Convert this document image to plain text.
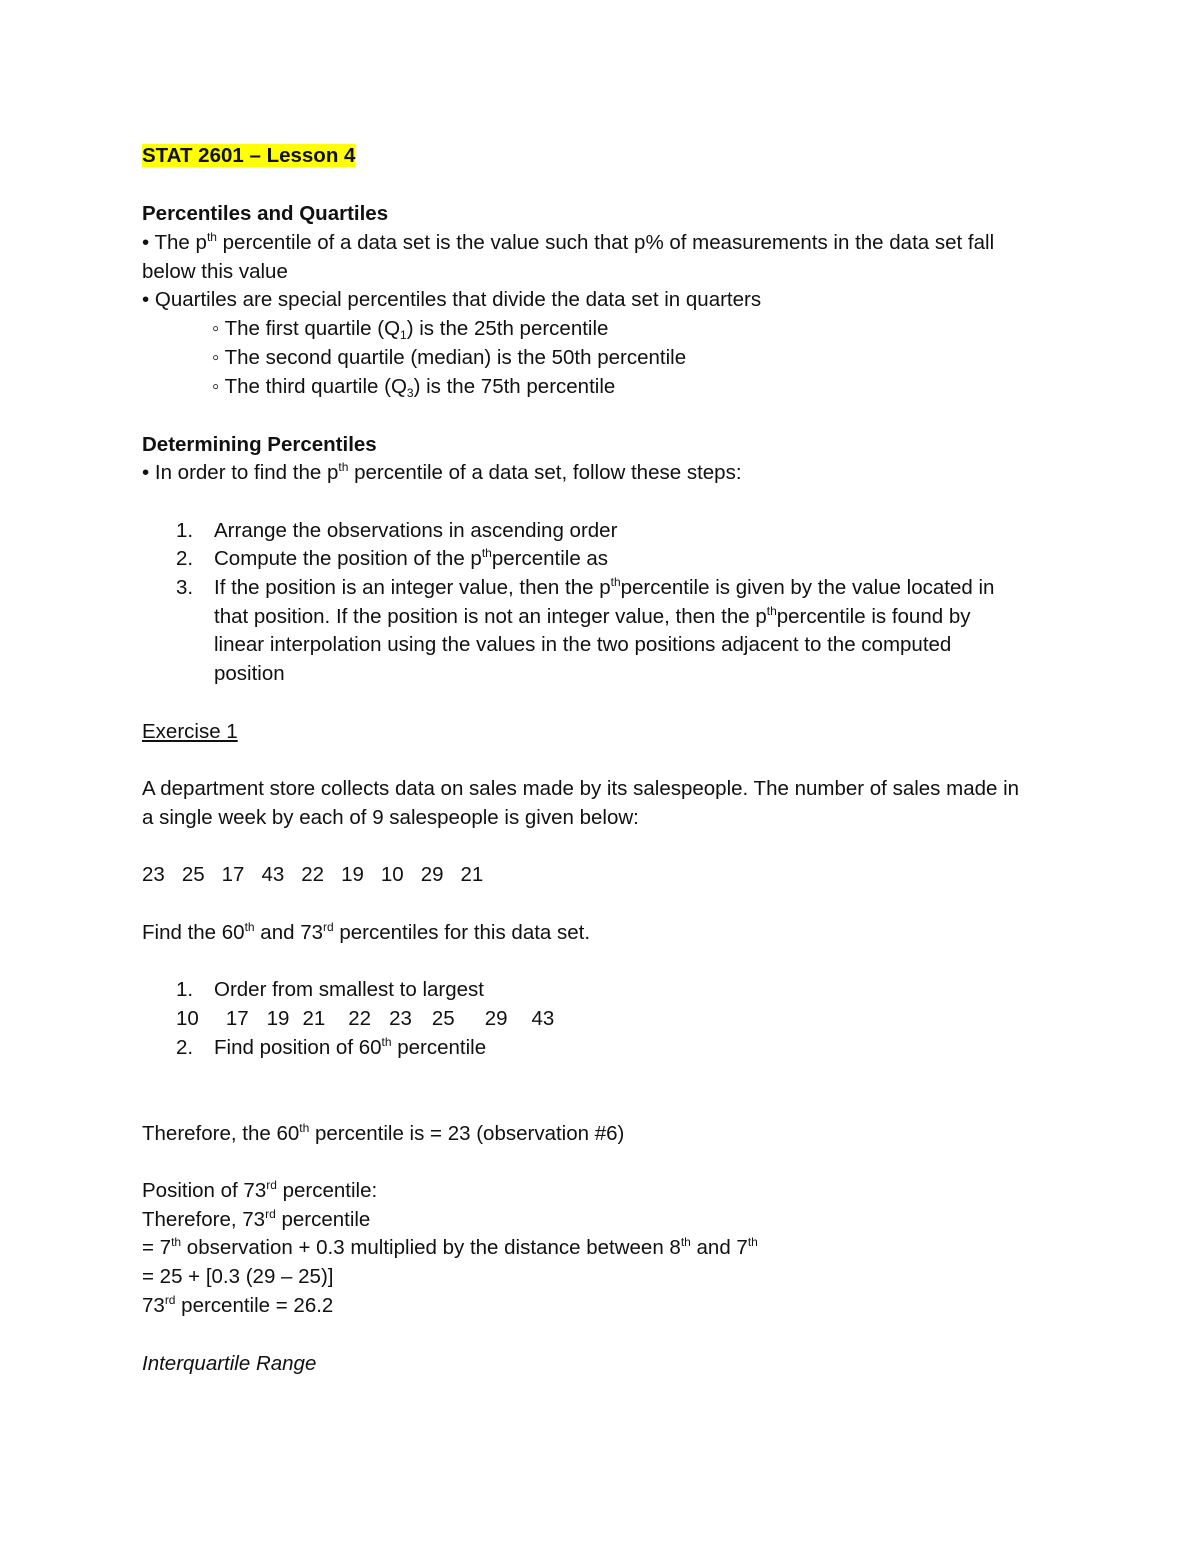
STAT 2601 – Lesson 4

Percentiles and Quartiles

• The $p^{th}$ percentile of a data set is the value such that p% of measurements in the data set fall

below this value

• Quartiles are special percentiles that divide the data set in quarters

◦ The first quartile $(Q_1)$ is the 25th percentile

◦ The second quartile (median) is the 50th percentile

◦ The third quartile $(Q_3)$ is the 75th percentile

Determining Percentiles

• In order to find the $p^{th}$ percentile of a data set, follow these steps:

1. Arrange the observations in ascending order

2. Compute the position of the $p^{th}percentile$ as

3. If the position is an integer value, then the $p^{th}percentile$ is given by the value located in

that position. If the position is not an integer value, then the $p^{th}percentile$ is found by

linear interpolation using the values in the two positions adjacent to the computed

position

Exercise 1

A department store collects data on sales made by its salespeople. The number of sales made in

a single week by each of 9 salespeople is given below:

23 25 17 43 22 19 10 29 21

Find the 60th and 73rd percentiles for this data set.

1. Order from smallest to largest

10 17 19 21 22 23 25 29 43

2. Find position of 60th percentile

Therefore, the 60th percentile is = 23 (observation #6)

Position of 73rd percentile:

Therefore, 73rd percentile

= 7th observation + 0.3 multiplied by the distance between 8th and 7th

= 25 + [0.3 (29 – 25)]

73rd percentile = 26.2

Interquartile Range
